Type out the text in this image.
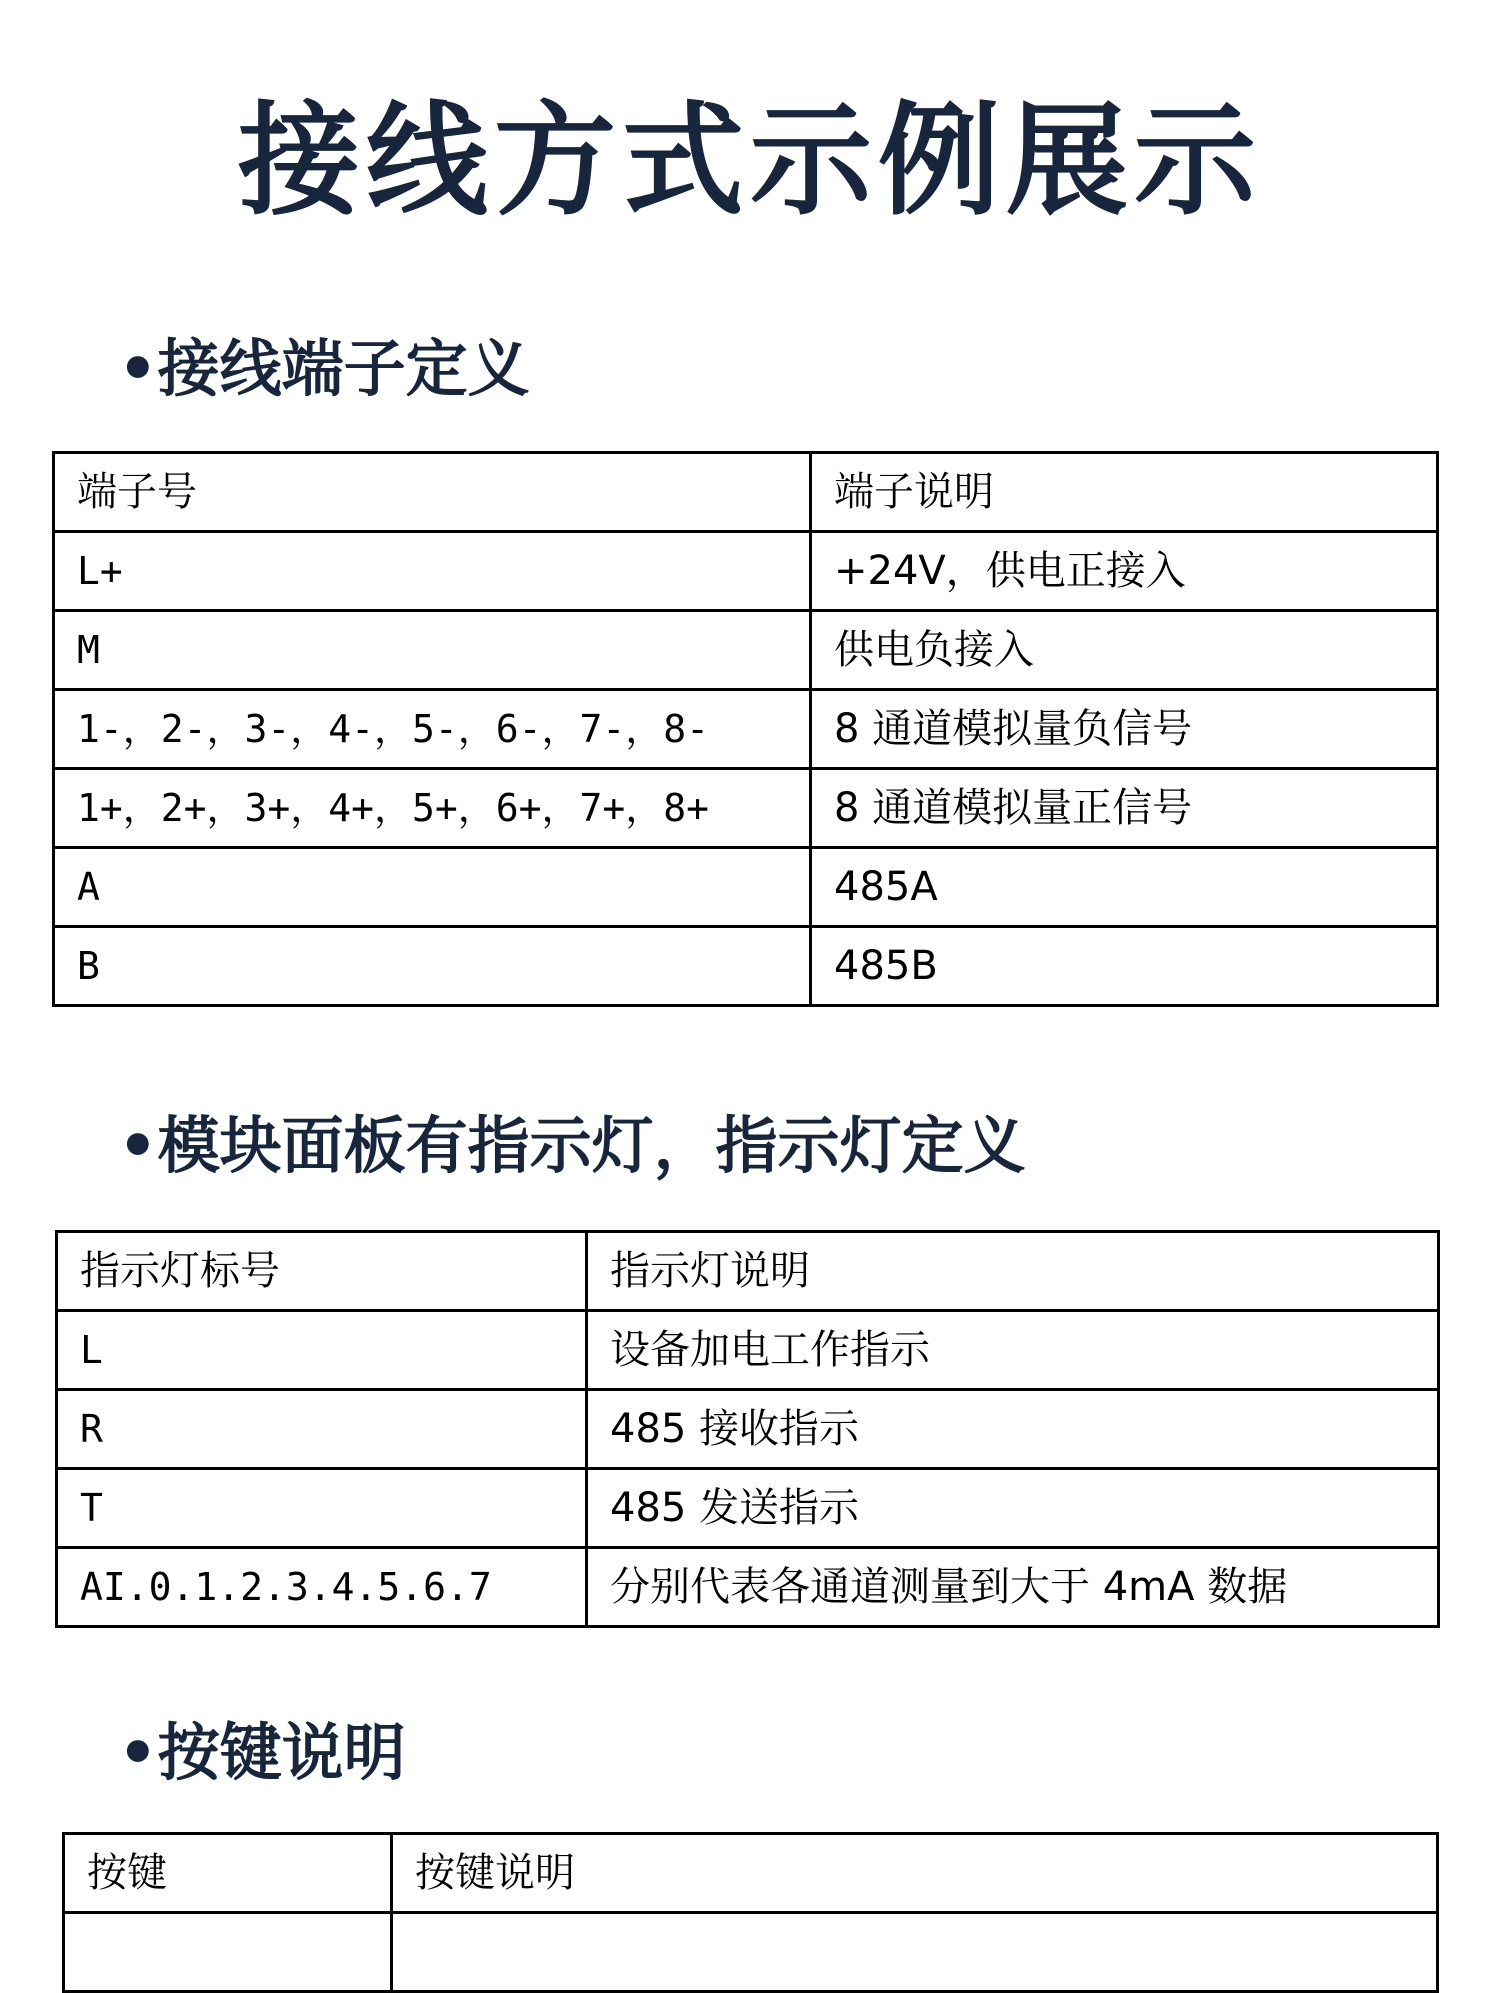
接线方式示例展示
•接线端子定义
端子号	端子说明
L+	+24V，供电正接入
M	供电负接入
1-，2-，3-，4-，5-，6-，7-，8-	8 通道模拟量负信号
1+，2+，3+，4+，5+，6+，7+，8+	8 通道模拟量正信号
A	485A
B	485B
•模块面板有指示灯，指示灯定义
指示灯标号	指示灯说明
L	设备加电工作指示
R	485 接收指示
T	485 发送指示
AI.0.1.2.3.4.5.6.7	分别代表各通道测量到大于 4mA 数据
•按键说明
按键	按键说明
